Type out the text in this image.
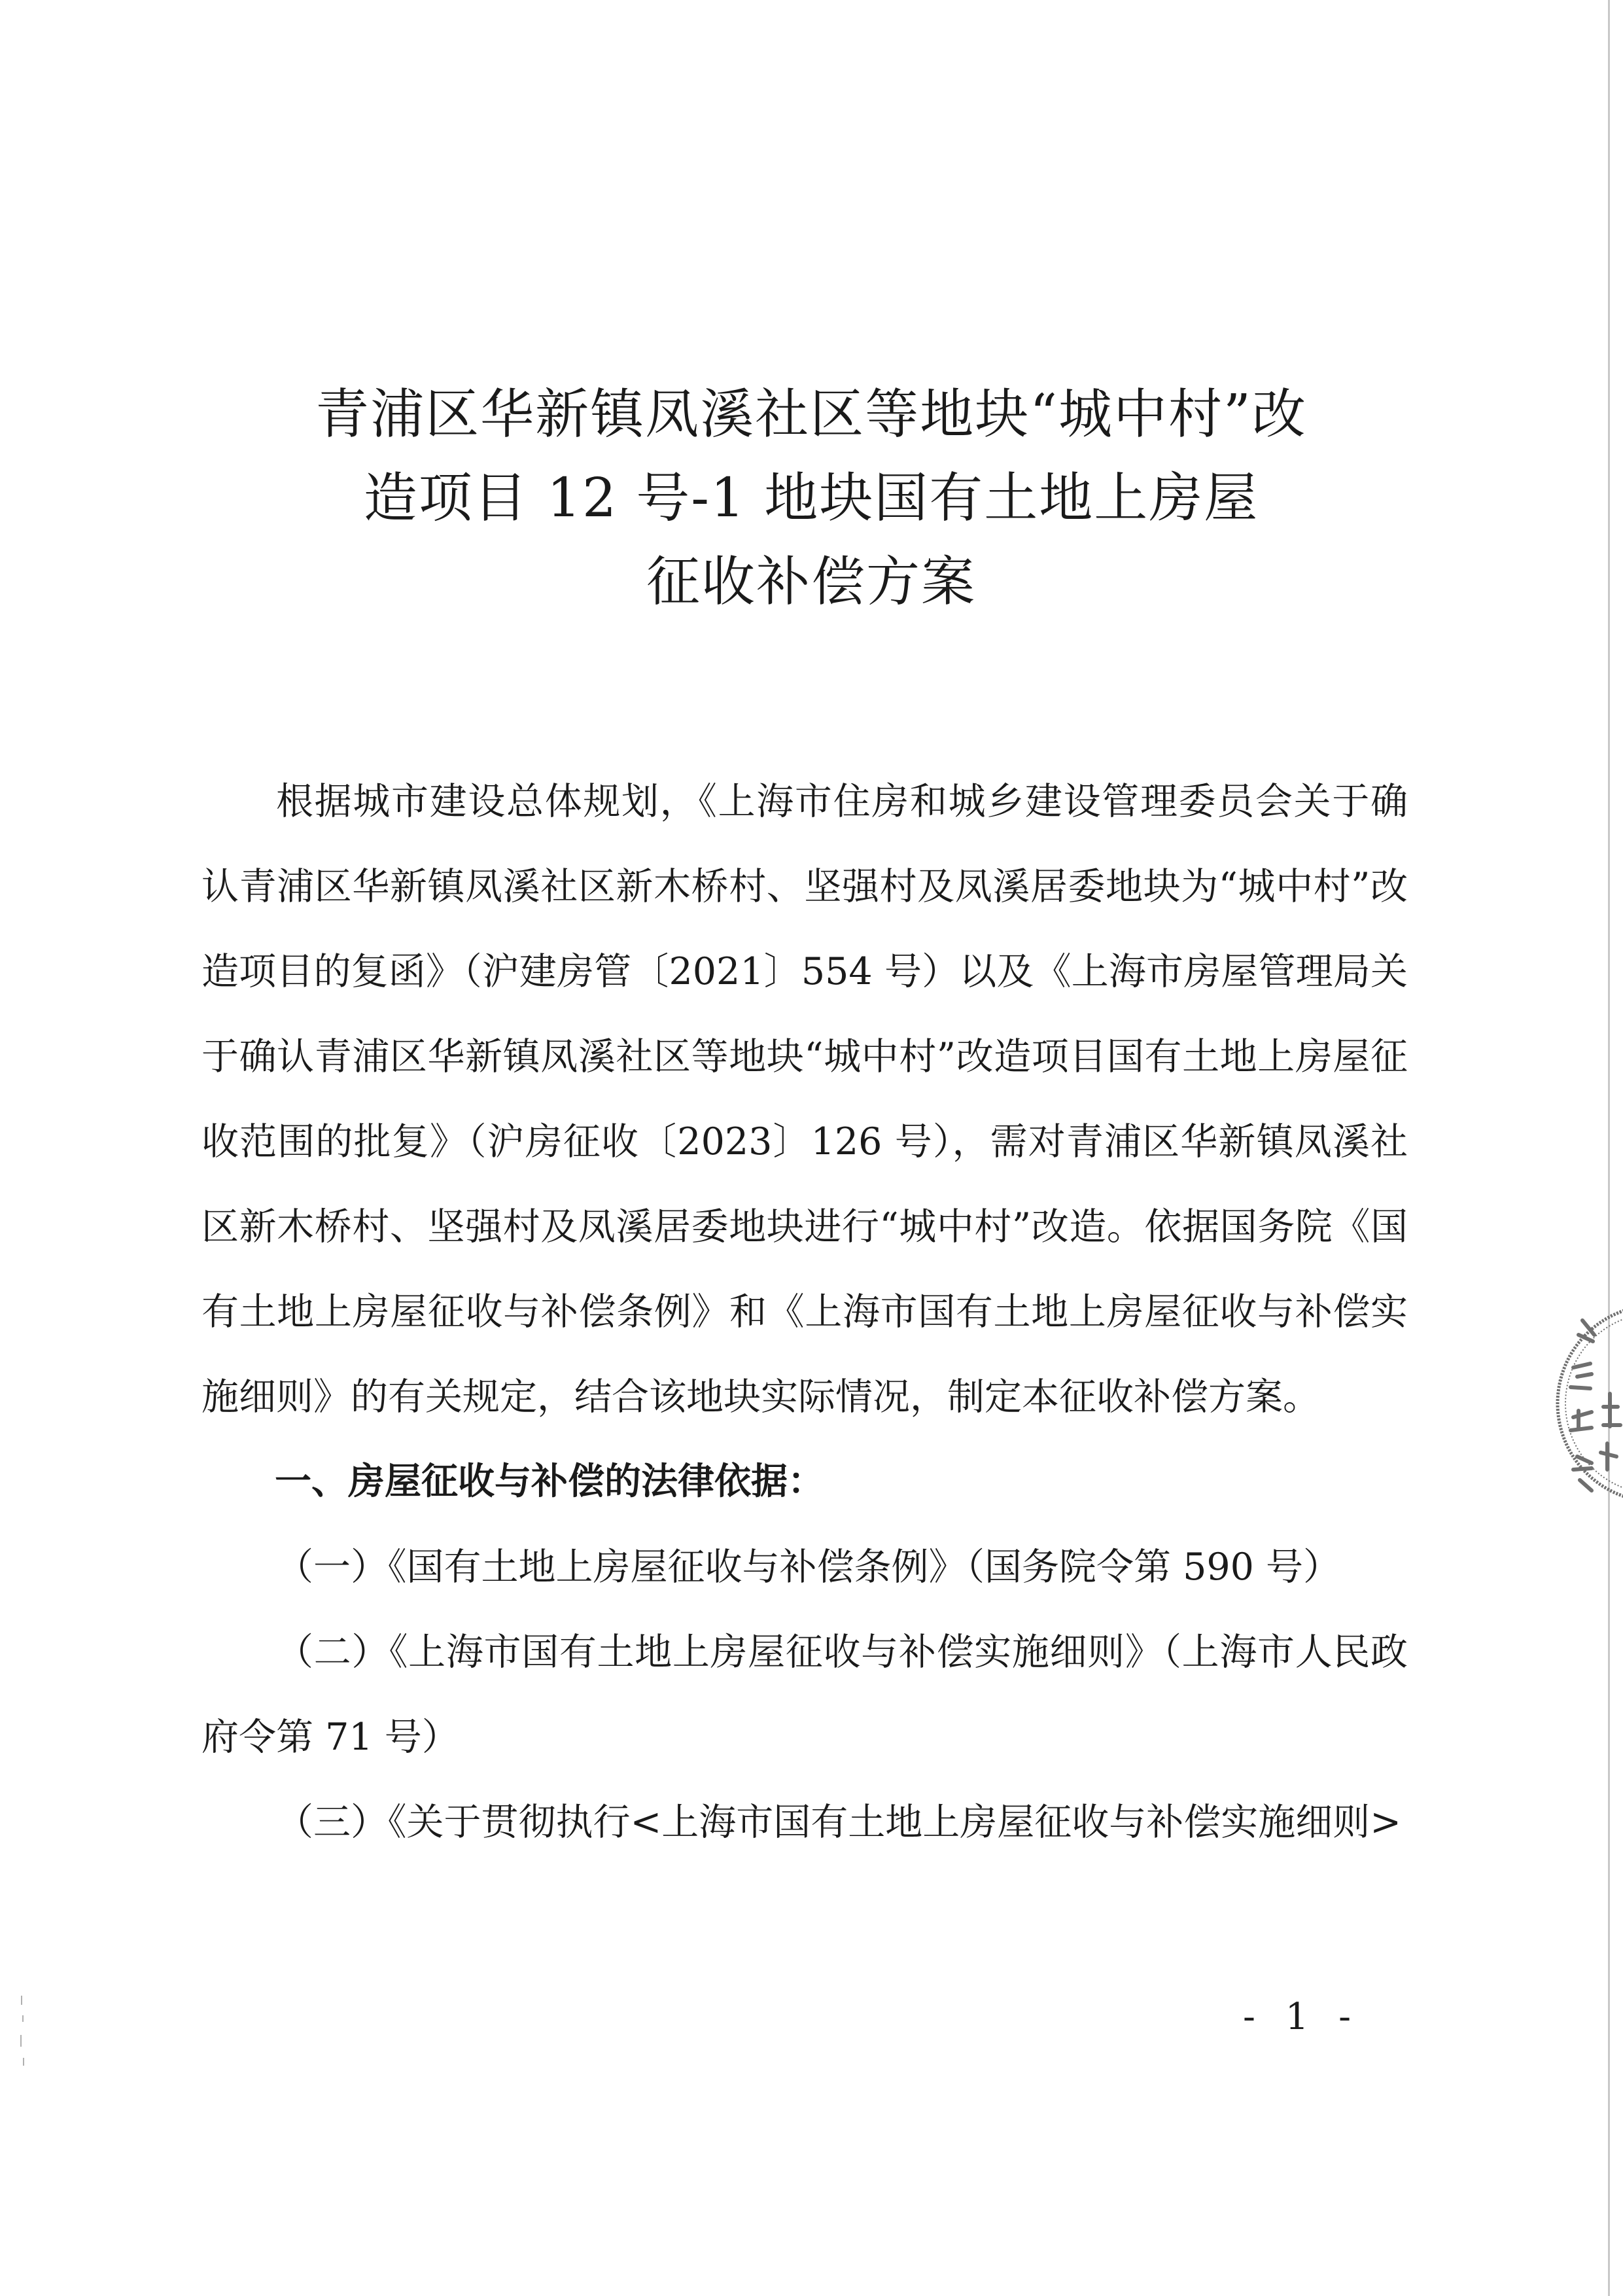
青浦区华新镇凤溪社区等地块“城中村”改
造项目 12 号-1 地块国有土地上房屋
征收补偿方案

根据城市建设总体规划，《上海市住房和城乡建设管理委员会关于确认青浦区华新镇凤溪社区新木桥村、坚强村及凤溪居委地块为“城中村”改造项目的复函》（沪建房管〔2021〕554 号）以及《上海市房屋管理局关于确认青浦区华新镇凤溪社区等地块“城中村”改造项目国有土地上房屋征收范围的批复》（沪房征收〔2023〕126 号），需对青浦区华新镇凤溪社区新木桥村、坚强村及凤溪居委地块进行“城中村”改造。依据国务院《国有土地上房屋征收与补偿条例》和《上海市国有土地上房屋征收与补偿实施细则》的有关规定，结合该地块实际情况，制定本征收补偿方案。

一、房屋征收与补偿的法律依据：

（一）《国有土地上房屋征收与补偿条例》（国务院令第 590 号）

（二）《上海市国有土地上房屋征收与补偿实施细则》（上海市人民政府令第 71 号）

（三）《关于贯彻执行<上海市国有土地上房屋征收与补偿实施细则>

- 1 -
